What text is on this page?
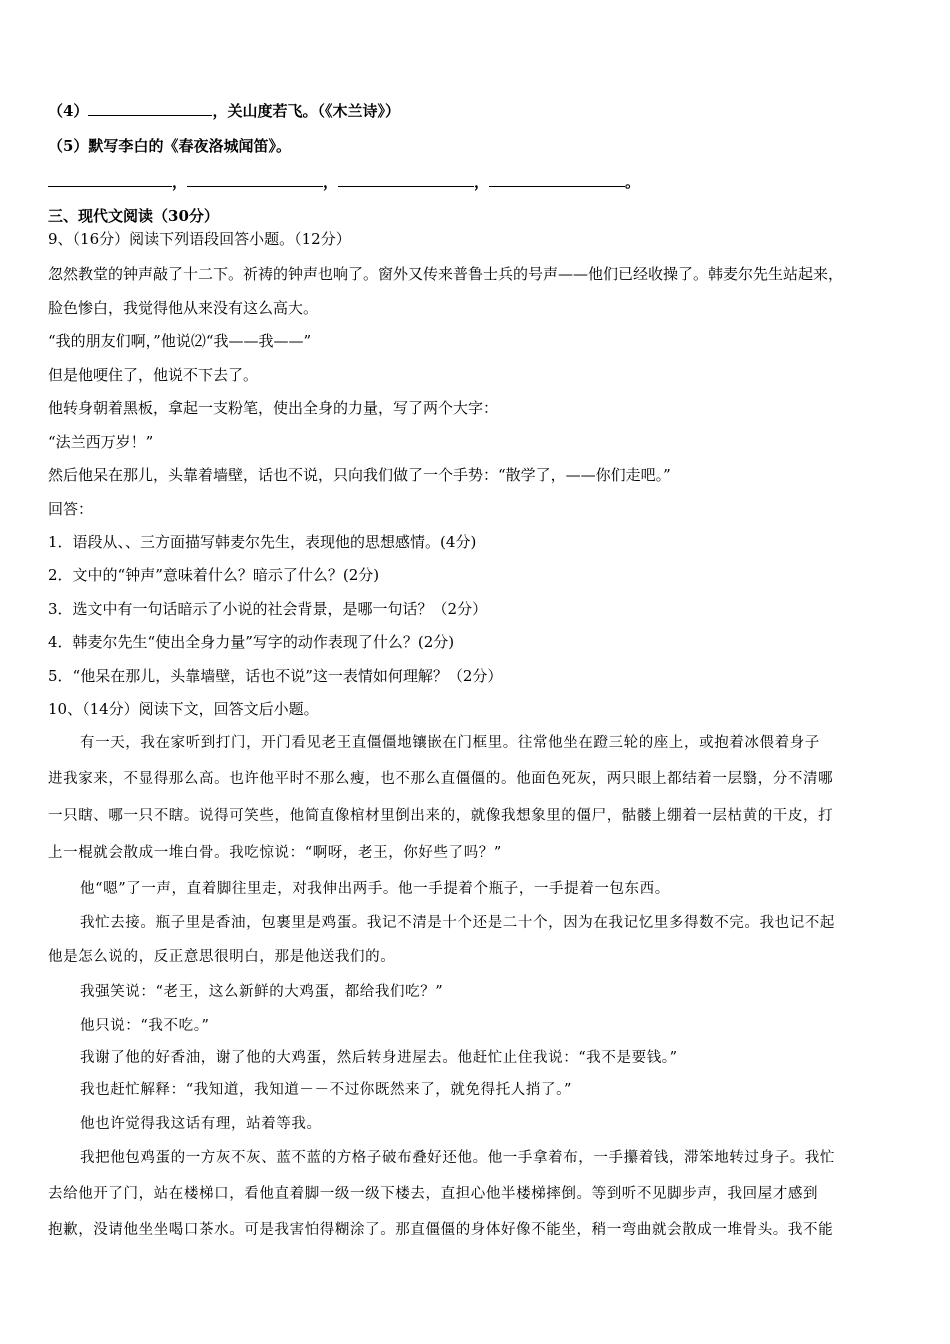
（4）	，关山度若飞。（《木兰诗》）
（5）默写李白的《春夜洛城闻笛》。
，	，	，	。
三、现代文阅读（30分）
9、（16分）阅读下列语段回答小题。（12分）
忽然教堂的钟声敲了十二下。祈祷的钟声也响了。窗外又传来普鲁士兵的号声——他们已经收操了。韩麦尔先生站起来，
脸色惨白，我觉得他从来没有这么高大。
“我的朋友们啊，”他说⑵“我——我——”
但是他哽住了，他说不下去了。
他转身朝着黑板，拿起一支粉笔，使出全身的力量，写了两个大字：
“法兰西万岁！”
然后他呆在那儿，头靠着墙壁，话也不说，只向我们做了一个手势：“散学了，——你们走吧。”
回答：
1．语段从、、三方面描写韩麦尔先生，表现他的思想感情。(4分)
2．文中的“钟声”意味着什么？暗示了什么？(2分)
3．选文中有一句话暗示了小说的社会背景，是哪一句话？（2分）
4．韩麦尔先生“使出全身力量”写字的动作表现了什么？(2分)
5．“他呆在那儿，头靠墙壁，话也不说”这一表情如何理解？（2分）
10、（14分）阅读下文，回答文后小题。
有一天，我在家听到打门，开门看见老王直僵僵地镶嵌在门框里。往常他坐在蹬三轮的座上，或抱着冰偎着身子
进我家来，不显得那么高。也许他平时不那么瘦，也不那么直僵僵的。他面色死灰，两只眼上都结着一层翳，分不清哪
一只瞎、哪一只不瞎。说得可笑些，他简直像棺材里倒出来的，就像我想象里的僵尸，骷髅上绷着一层枯黄的干皮，打
上一棍就会散成一堆白骨。我吃惊说：“啊呀，老王，你好些了吗？”
他“嗯”了一声，直着脚往里走，对我伸出两手。他一手提着个瓶子，一手提着一包东西。
我忙去接。瓶子里是香油，包裹里是鸡蛋。我记不清是十个还是二十个，因为在我记忆里多得数不完。我也记不起
他是怎么说的，反正意思很明白，那是他送我们的。
我强笑说：“老王，这么新鲜的大鸡蛋，都给我们吃？”
他只说：“我不吃。”
我谢了他的好香油，谢了他的大鸡蛋，然后转身进屋去。他赶忙止住我说：“我不是要钱。”
我也赶忙解释：“我知道，我知道－－不过你既然来了，就免得托人捎了。”
他也许觉得我这话有理，站着等我。
我把他包鸡蛋的一方灰不灰、蓝不蓝的方格子破布叠好还他。他一手拿着布，一手攥着钱，滞笨地转过身子。我忙
去给他开了门，站在楼梯口，看他直着脚一级一级下楼去，直担心他半楼梯摔倒。等到听不见脚步声，我回屋才感到
抱歉，没请他坐坐喝口茶水。可是我害怕得糊涂了。那直僵僵的身体好像不能坐，稍一弯曲就会散成一堆骨头。我不能
